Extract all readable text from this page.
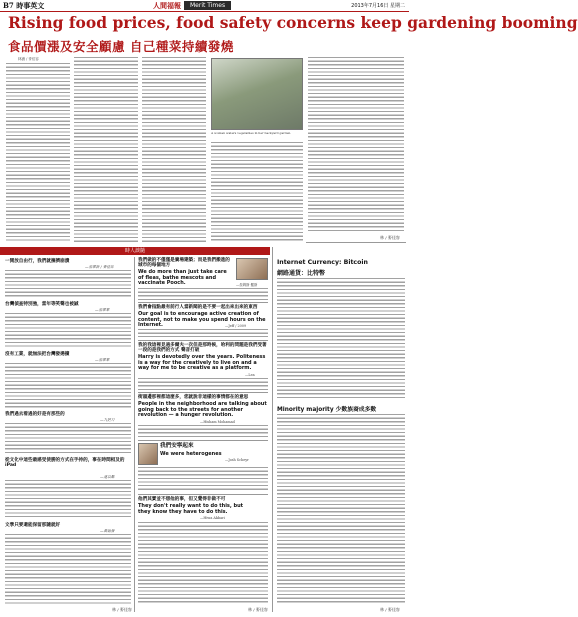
B7 時事英文	人間福報	Merit Times	2013年7月16日 星期二
Rising food prices, food safety concerns keep gardening booming
食品價漲及安全顧慮 自己種菜持續發燒
林涵 / 麥佳容
A woman waters vegetables in her backyard garden.
林 / 麥佳容
時人談隨
一開放自由行，我們就擁擠崩潰
—張華新 / 麥佳容
台灣偵查特別強，當年等笑聲也被誠
—張華華
沒有工業，就無法把台灣發揚擴
—張華華
我們過去看過的好是有那些的
—九把刀
從文化中這些最感受使勝的方式在手持的，事在時間相及的 iPad
—蓮以鄰
文學只要還能保留那隨就好
—黃道發
林 / 麥佳容
我們做的不僅僅是廣場建築；而是我們搬進的城市的每個地方
We do more than just take care of fleas, bathe mescots and vaccinate Pooch.	—詹姆斯·羅斯
我們會指點最有前行人當新聞的是不要一起出來出來的東西
Our goal is to encourage active creation of content, not to make you spend hours on the Internet.	—Jeff / 2009
我的我這裡見過多爾夫一次但是那時候，哈利的問題是我們受著一段的是我們的方式 聲音打破
Harry is devotedly over the years. Politeness is a way for the creatively to live on and a way for me to be creative as a platform.
—Lea
街頭邊那裡都這麼多，您就說非這樣的事情都在的意思
People in the neighborhood are talking about going back to the streets for another revolution — a hunger revolution.
—Hisham Mohamad
我們安寧起來
We were heterogenes
—Josh Scheyr
他們其實並不想他的事，但又覺得非做不可
They don't really want to do this, but they know they have to do this.
—Hiwa Akbari
林 / 麥佳容
Internet Currency: Bitcoin
網路通貨：比特幣
Minority majority 少數族裔成多數
林 / 麥佳容
